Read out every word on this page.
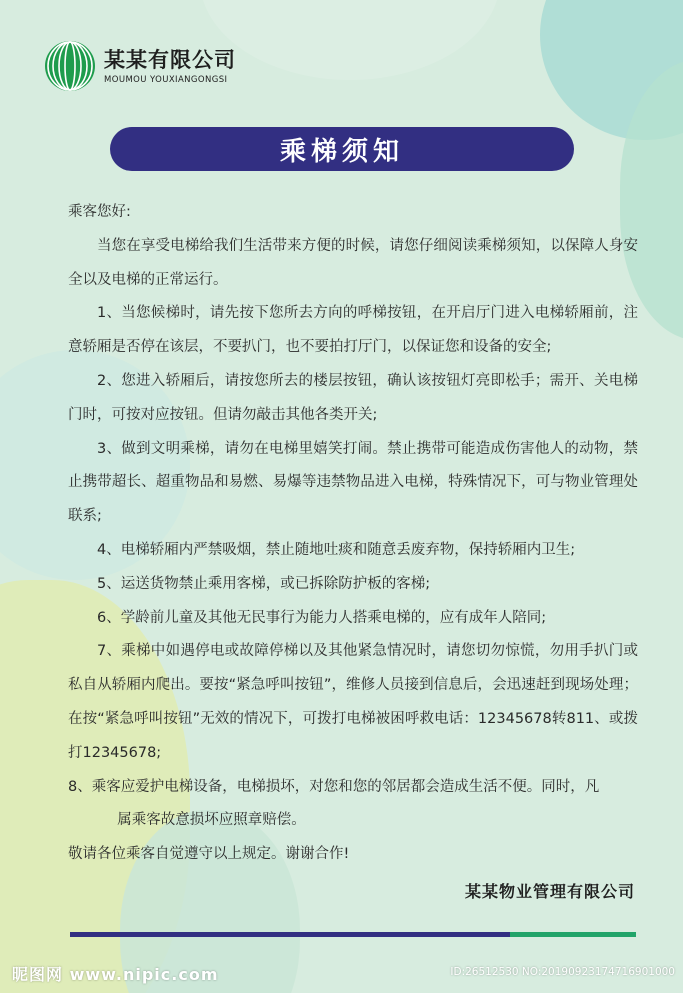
某某有限公司
MOUMOU YOUXIANGONGSI
乘梯须知

乘客您好:

当您在享受电梯给我们生活带来方便的时候，请您仔细阅读乘梯须知，以保障人身安全以及电梯的正常运行。

1、当您候梯时，请先按下您所去方向的呼梯按钮，在开启厅门进入电梯轿厢前，注意轿厢是否停在该层，不要扒门，也不要拍打厅门，以保证您和设备的安全;

2、您进入轿厢后，请按您所去的楼层按钮，确认该按钮灯亮即松手；需开、关电梯门时，可按对应按钮。但请勿敲击其他各类开关;

3、做到文明乘梯，请勿在电梯里嬉笑打闹。禁止携带可能造成伤害他人的动物，禁止携带超长、超重物品和易燃、易爆等违禁物品进入电梯，特殊情况下，可与物业管理处联系;

4、电梯轿厢内严禁吸烟，禁止随地吐痰和随意丢废弃物，保持轿厢内卫生;

5、运送货物禁止乘用客梯，或已拆除防护板的客梯;

6、学龄前儿童及其他无民事行为能力人搭乘电梯的，应有成年人陪同;

7、乘梯中如遇停电或故障停梯以及其他紧急情况时，请您切勿惊慌，勿用手扒门或私自从轿厢内爬出。要按“紧急呼叫按钮”，维修人员接到信息后，会迅速赶到现场处理；在按“紧急呼叫按钮”无效的情况下，可拨打电梯被困呼救电话：12345678转811、或拨打12345678;

8、乘客应爱护电梯设备，电梯损坏，对您和您的邻居都会造成生活不便。同时，凡

属乘客故意损坏应照章赔偿。

敬请各位乘客自觉遵守以上规定。谢谢合作!

某某物业管理有限公司
昵图网 www.nipic.com	ID:26512530 NO:20190923174716901000
